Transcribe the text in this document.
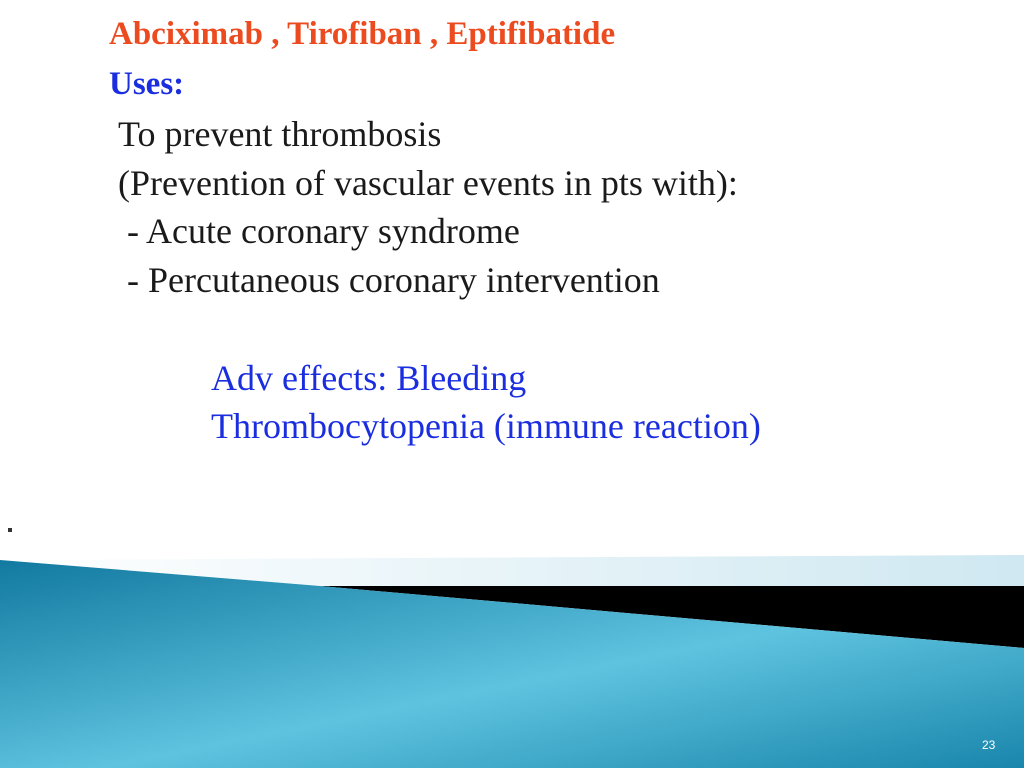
Abciximab , Tirofiban , Eptifibatide
Uses:
To prevent thrombosis
(Prevention of vascular events in pts with):
- Acute coronary syndrome
- Percutaneous coronary intervention
Adv effects: Bleeding
Thrombocytopenia (immune reaction)
23
